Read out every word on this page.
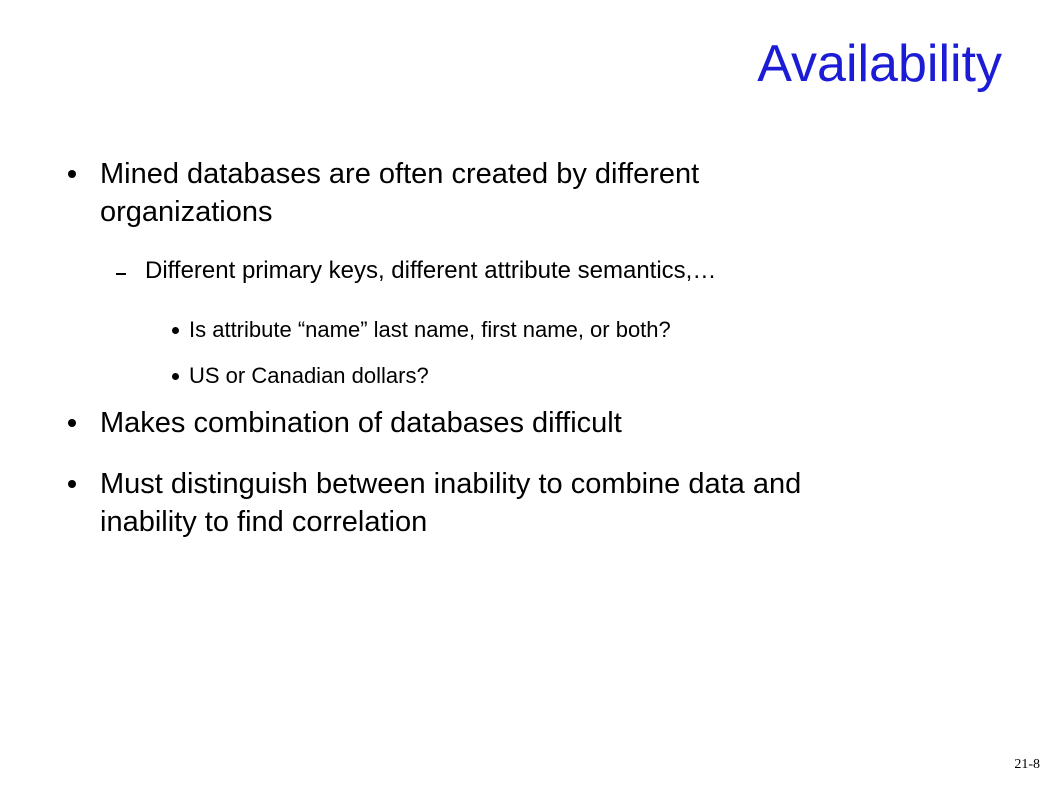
Availability
Mined databases are often created by different
organizations
Different primary keys, different attribute semantics,…
Is attribute “name” last name, first name, or both?
US or Canadian dollars?
Makes combination of databases difficult
Must distinguish between inability to combine data and
inability to find correlation
21-8
